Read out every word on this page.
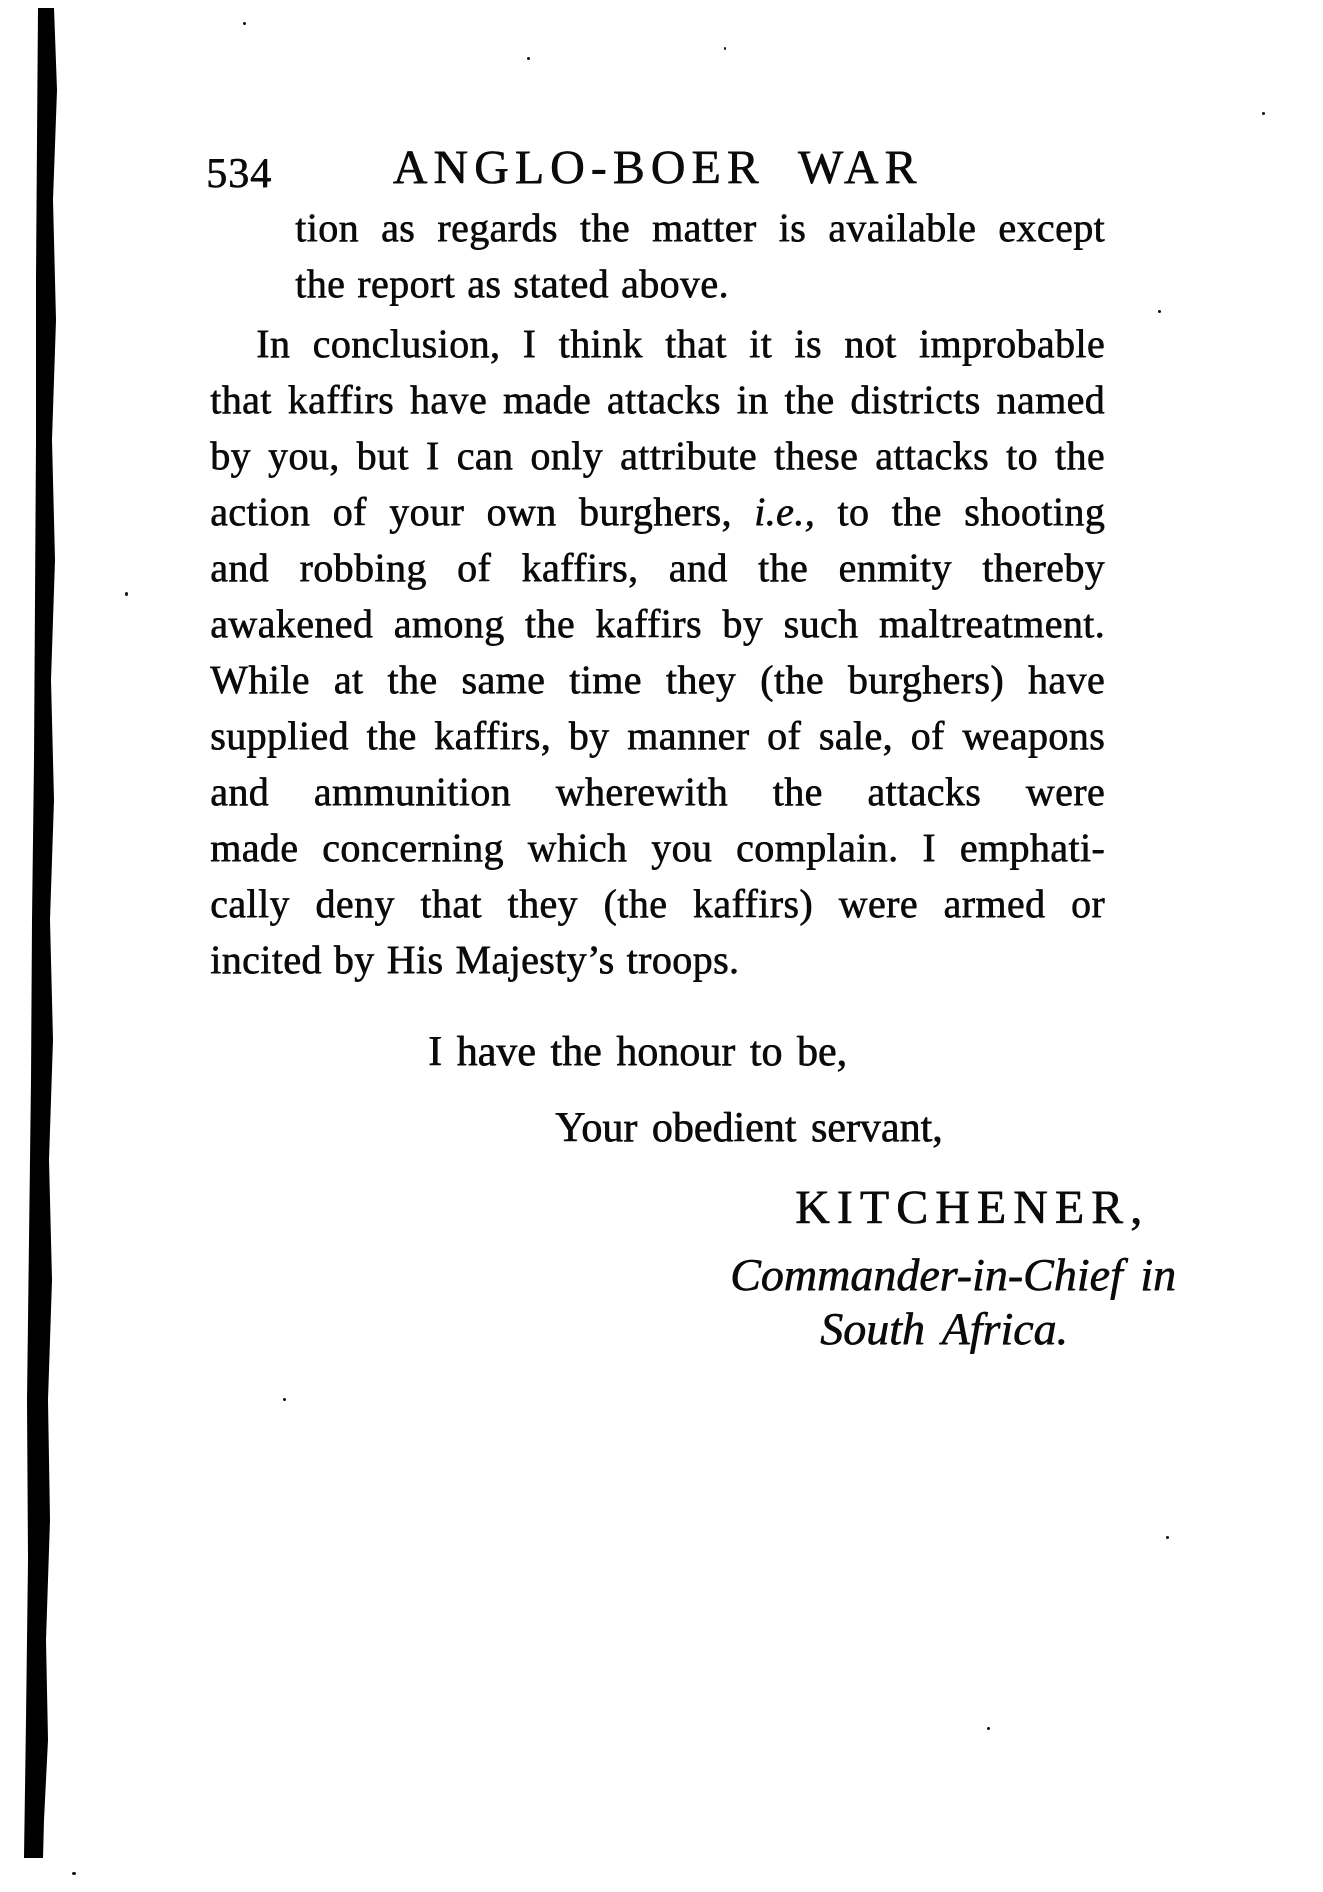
534	ANGLO-BOER WAR
tion as regards the matter is available except
the report as stated above.
In conclusion, I think that it is not improbable
that kaffirs have made attacks in the districts named
by you, but I can only attribute these attacks to the
action of your own burghers, i.e., to the shooting
and robbing of kaffirs, and the enmity thereby
awakened among the kaffirs by such maltreatment.
While at the same time they (the burghers) have
supplied the kaffirs, by manner of sale, of weapons
and ammunition wherewith the attacks were
made concerning which you complain. I emphati-
cally deny that they (the kaffirs) were armed or
incited by His Majesty’s troops.
I have the honour to be,
Your obedient servant,
KITCHENER,
Commander-in-Chief in
South Africa.
